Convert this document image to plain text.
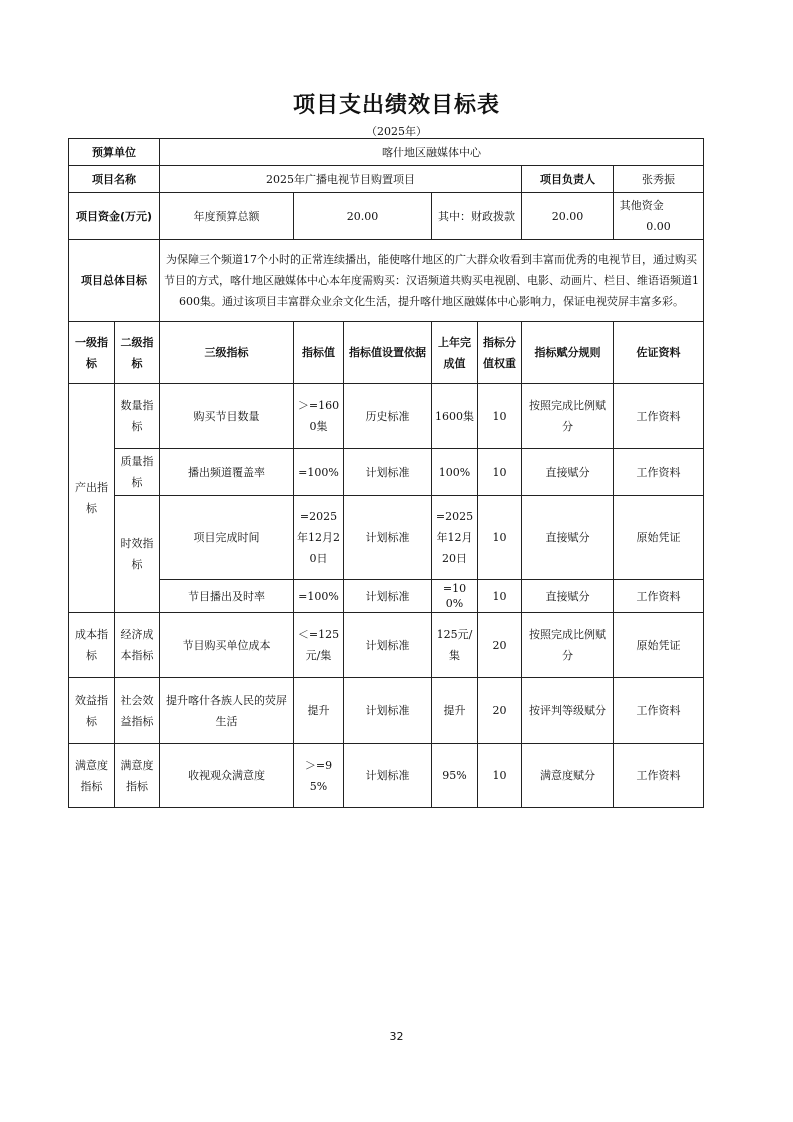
项目支出绩效目标表
（2025年）
预算单位		喀什地区融媒体中心						
项目名称		2025年广播电视节目购置项目					项目负责人	张秀振
项目资金(万元)		年度预算总额	20.00		其中：财政拨款		20.00	其他资金  0.00
项目总体目标		为保障三个频道17个小时的正常连续播出，能使喀什地区的广大群众收看到丰富而优秀的电视节目，通过购买节目的方式，喀什地区融媒体中心本年度需购买：汉语频道共购买电视剧、电影、动画片、栏目、维语语频道1600集。通过该项目丰富群众业余文化生活，提升喀什地区融媒体中心影响力，保证电视荧屏丰富多彩。						
一级指标	二级指标	三级指标	指标值	指标值设置依据	上年完成值	指标分值权重	指标赋分规则	佐证资料
产出指标	数量指标	购买节目数量	＞=1600集	历史标准	1600集	10	按照完成比例赋分	工作资料
	质量指标	播出频道覆盖率	=100%	计划标准	100%	10	直接赋分	工作资料
	时效指标	项目完成时间	=2025年12月20日	计划标准	=2025年12月20日	10	直接赋分	原始凭证
		节目播出及时率	=100%	计划标准	=100%	10	直接赋分	工作资料
成本指标	经济成本指标	节目购买单位成本	＜=125元/集	计划标准	125元/集	20	按照完成比例赋分	原始凭证
效益指标	社会效益指标	提升喀什各族人民的荧屏生活	提升	计划标准	提升	20	按评判等级赋分	工作资料
满意度指标	满意度指标	收视观众满意度	＞=95%	计划标准	95%	10	满意度赋分	工作资料
32
